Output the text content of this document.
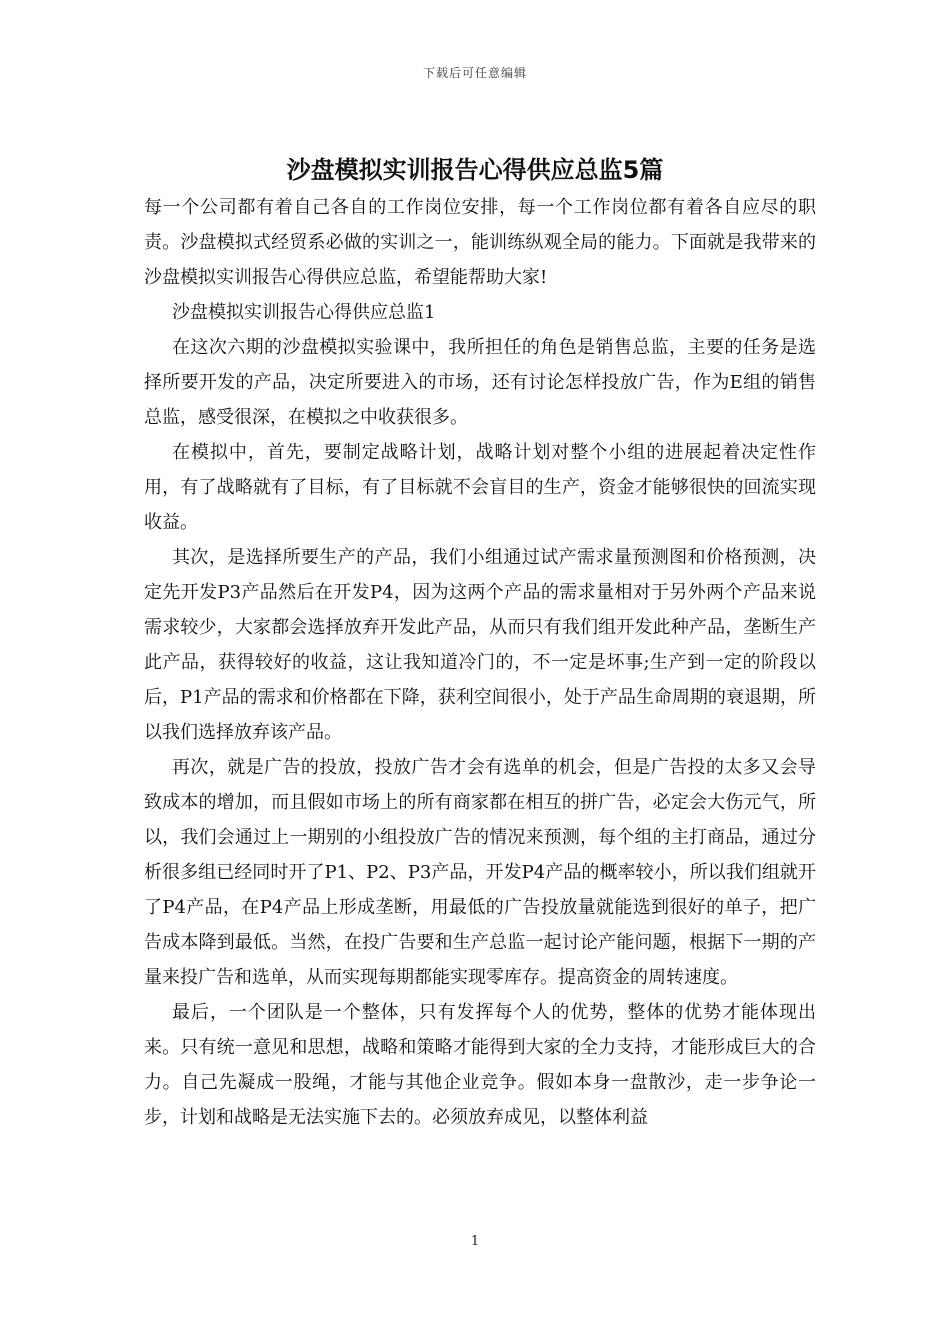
下载后可任意编辑
沙盘模拟实训报告心得供应总监5篇

每一个公司都有着自己各自的工作岗位安排，每一个工作岗位都有着各自应尽的职责。沙盘模拟式经贸系必做的实训之一，能训练纵观全局的能力。下面就是我带来的沙盘模拟实训报告心得供应总监，希望能帮助大家!

沙盘模拟实训报告心得供应总监1

在这次六期的沙盘模拟实验课中，我所担任的角色是销售总监，主要的任务是选择所要开发的产品，决定所要进入的市场，还有讨论怎样投放广告，作为E组的销售总监，感受很深，在模拟之中收获很多。

在模拟中，首先，要制定战略计划，战略计划对整个小组的进展起着决定性作用，有了战略就有了目标，有了目标就不会盲目的生产，资金才能够很快的回流实现收益。

其次，是选择所要生产的产品，我们小组通过试产需求量预测图和价格预测，决定先开发P3产品然后在开发P4，因为这两个产品的需求量相对于另外两个产品来说需求较少，大家都会选择放弃开发此产品，从而只有我们组开发此种产品，垄断生产此产品，获得较好的收益，这让我知道冷门的，不一定是坏事;生产到一定的阶段以后，P1产品的需求和价格都在下降，获利空间很小，处于产品生命周期的衰退期，所以我们选择放弃该产品。

再次，就是广告的投放，投放广告才会有选单的机会，但是广告投的太多又会导致成本的增加，而且假如市场上的所有商家都在相互的拼广告，必定会大伤元气，所以，我们会通过上一期别的小组投放广告的情况来预测，每个组的主打商品，通过分析很多组已经同时开了P1、P2、P3产品，开发P4产品的概率较小，所以我们组就开了P4产品，在P4产品上形成垄断，用最低的广告投放量就能选到很好的单子，把广告成本降到最低。当然，在投广告要和生产总监一起讨论产能问题，根据下一期的产量来投广告和选单，从而实现每期都能实现零库存。提高资金的周转速度。

最后，一个团队是一个整体，只有发挥每个人的优势，整体的优势才能体现出来。只有统一意见和思想，战略和策略才能得到大家的全力支持，才能形成巨大的合力。自己先凝成一股绳，才能与其他企业竞争。假如本身一盘散沙，走一步争论一步，计划和战略是无法实施下去的。必须放弃成见，以整体利益

1
